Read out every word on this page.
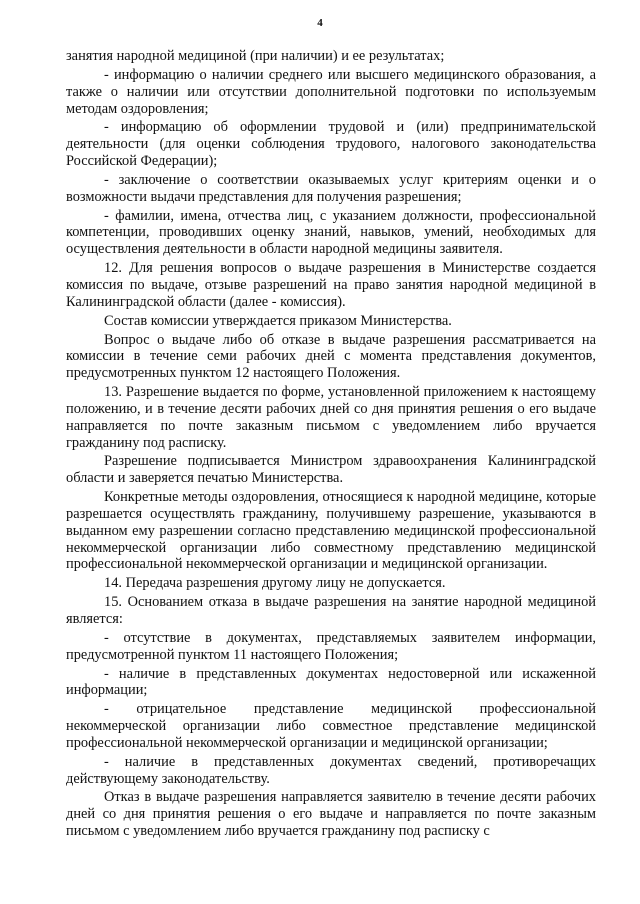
4

занятия народной медициной (при наличии) и ее результатах;

- информацию о наличии среднего или высшего медицинского образования, а также о наличии или отсутствии дополнительной подготовки по используемым методам оздоровления;

- информацию об оформлении трудовой и (или) предпринимательской деятельности (для оценки соблюдения трудового, налогового законодательства Российской Федерации);

- заключение о соответствии оказываемых услуг критериям оценки и о возможности выдачи представления для получения разрешения;

- фамилии, имена, отчества лиц, с указанием должности, профессиональной компетенции, проводивших оценку знаний, навыков, умений, необходимых для осуществления деятельности в области народной медицины заявителя.

12. Для решения вопросов о выдаче разрешения в Министерстве создается комиссия по выдаче, отзыве разрешений на право занятия народной медициной в Калининградской области (далее - комиссия).

Состав комиссии утверждается приказом Министерства.

Вопрос о выдаче либо об отказе в выдаче разрешения рассматривается на комиссии в течение семи рабочих дней с момента представления документов, предусмотренных пунктом 12 настоящего Положения.

13. Разрешение выдается по форме, установленной приложением к настоящему положению, и в течение десяти рабочих дней со дня принятия решения о его выдаче направляется по почте заказным письмом с уведомлением либо вручается гражданину под расписку.

Разрешение подписывается Министром здравоохранения Калининградской области и заверяется печатью Министерства.

Конкретные методы оздоровления, относящиеся к народной медицине, которые разрешается осуществлять гражданину, получившему разрешение, указываются в выданном ему разрешении согласно представлению медицинской профессиональной некоммерческой организации либо совместному представлению медицинской профессиональной некоммерческой организации и медицинской организации.

14. Передача разрешения другому лицу не допускается.

15. Основанием отказа в выдаче разрешения на занятие народной медициной является:

- отсутствие в документах, представляемых заявителем информации, предусмотренной пунктом 11 настоящего Положения;

- наличие в представленных документах недостоверной или искаженной информации;

- отрицательное представление медицинской профессиональной некоммерческой организации либо совместное представление медицинской профессиональной некоммерческой организации и медицинской организации;

- наличие в представленных документах сведений, противоречащих действующему законодательству.

Отказ в выдаче разрешения направляется заявителю в течение десяти рабочих дней со дня принятия решения о его выдаче и направляется по почте заказным письмом с уведомлением либо вручается гражданину под расписку с
